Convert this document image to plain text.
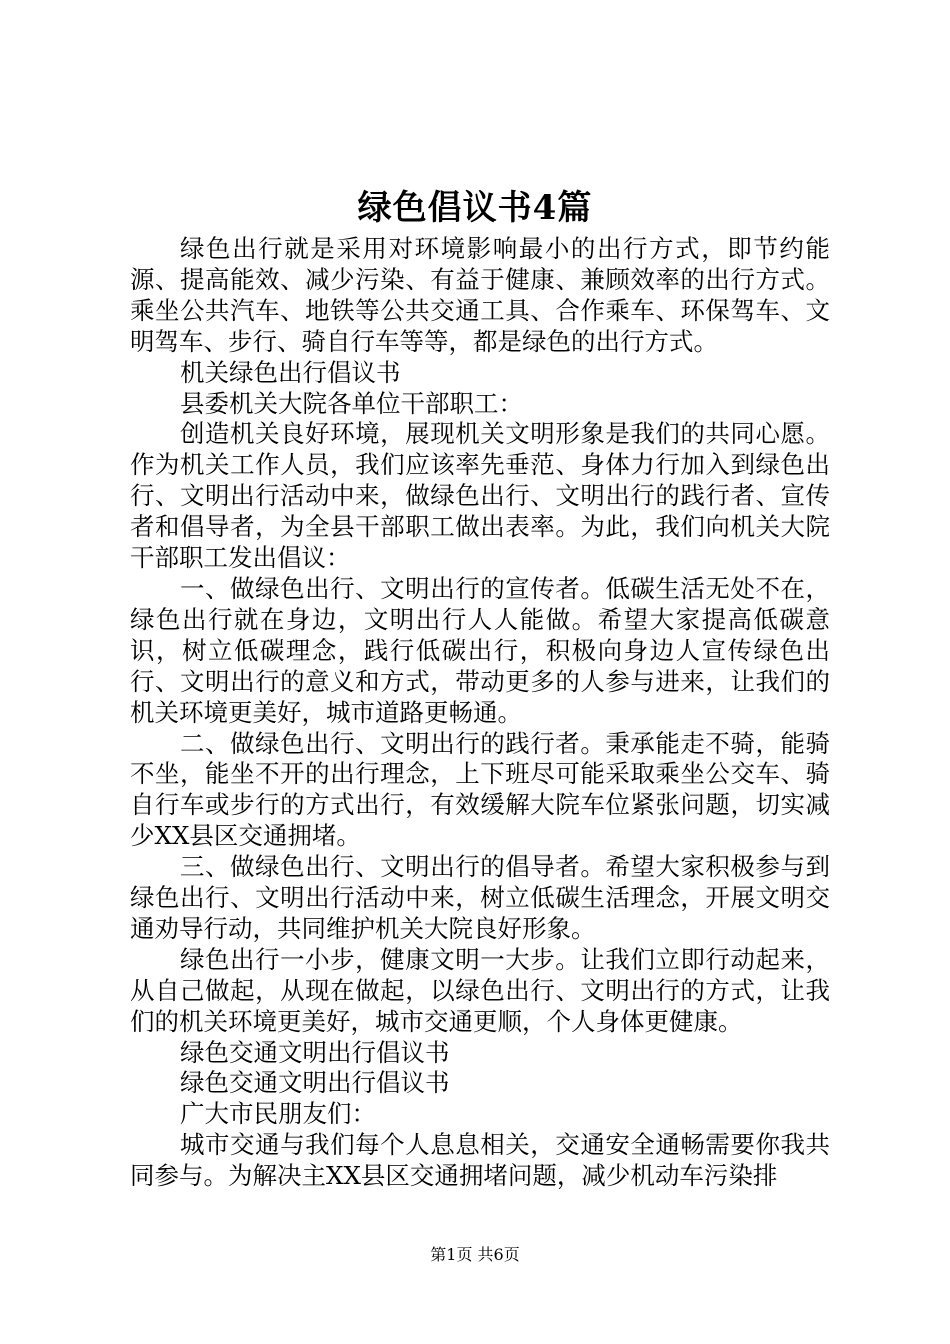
绿色倡议书4篇

绿色出行就是采用对环境影响最小的出行方式，即节约能源、提高能效、减少污染、有益于健康、兼顾效率的出行方式。乘坐公共汽车、地铁等公共交通工具、合作乘车、环保驾车、文明驾车、步行、骑自行车等等，都是绿色的出行方式。

机关绿色出行倡议书

县委机关大院各单位干部职工：

创造机关良好环境，展现机关文明形象是我们的共同心愿。作为机关工作人员，我们应该率先垂范、身体力行加入到绿色出行、文明出行活动中来，做绿色出行、文明出行的践行者、宣传者和倡导者，为全县干部职工做出表率。为此，我们向机关大院干部职工发出倡议：

一、做绿色出行、文明出行的宣传者。低碳生活无处不在，绿色出行就在身边，文明出行人人能做。希望大家提高低碳意识，树立低碳理念，践行低碳出行，积极向身边人宣传绿色出行、文明出行的意义和方式，带动更多的人参与进来，让我们的机关环境更美好，城市道路更畅通。

二、做绿色出行、文明出行的践行者。秉承能走不骑，能骑不坐，能坐不开的出行理念，上下班尽可能采取乘坐公交车、骑自行车或步行的方式出行，有效缓解大院车位紧张问题，切实减少XX县区交通拥堵。

三、做绿色出行、文明出行的倡导者。希望大家积极参与到绿色出行、文明出行活动中来，树立低碳生活理念，开展文明交通劝导行动，共同维护机关大院良好形象。

绿色出行一小步，健康文明一大步。让我们立即行动起来，从自己做起，从现在做起，以绿色出行、文明出行的方式，让我们的机关环境更美好，城市交通更顺，个人身体更健康。

绿色交通文明出行倡议书

绿色交通文明出行倡议书

广大市民朋友们：

城市交通与我们每个人息息相关，交通安全通畅需要你我共同参与。为解决主XX县区交通拥堵问题，减少机动车污染排

第1页 共6页
